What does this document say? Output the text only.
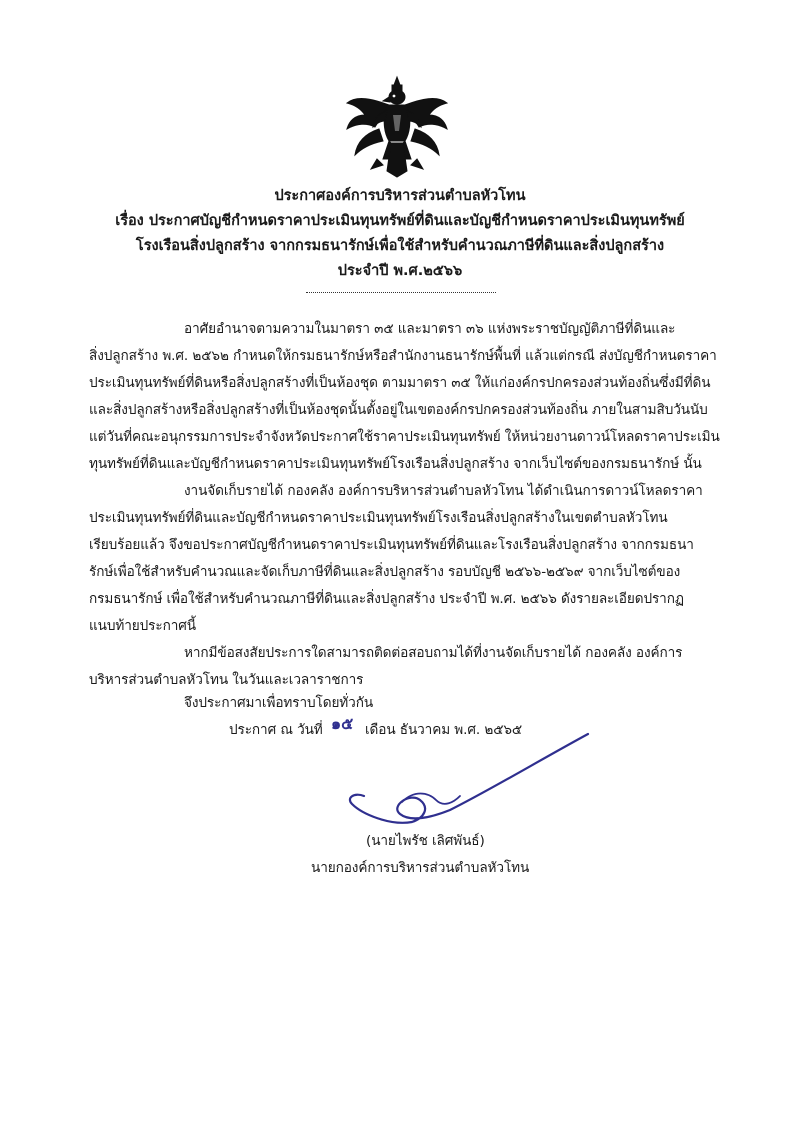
ประกาศองค์การบริหารส่วนตำบลหัวโทน
เรื่อง ประกาศบัญชีกำหนดราคาประเมินทุนทรัพย์ที่ดินและบัญชีกำหนดราคาประเมินทุนทรัพย์
โรงเรือนสิ่งปลูกสร้าง จากกรมธนารักษ์เพื่อใช้สำหรับคำนวณภาษีที่ดินและสิ่งปลูกสร้าง
ประจำปี พ.ศ.๒๕๖๖
อาศัยอำนาจตามความในมาตรา ๓๕ และมาตรา ๓๖ แห่งพระราชบัญญัติภาษีที่ดินและ
สิ่งปลูกสร้าง พ.ศ. ๒๕๖๒ กำหนดให้กรมธนารักษ์หรือสำนักงานธนารักษ์พื้นที่ แล้วแต่กรณี ส่งบัญชีกำหนดราคา
ประเมินทุนทรัพย์ที่ดินหรือสิ่งปลูกสร้างที่เป็นห้องชุด ตามมาตรา ๓๕ ให้แก่องค์กรปกครองส่วนท้องถิ่นซึ่งมีที่ดิน
และสิ่งปลูกสร้างหรือสิ่งปลูกสร้างที่เป็นห้องชุดนั้นตั้งอยู่ในเขตองค์กรปกครองส่วนท้องถิ่น ภายในสามสิบวันนับ
แต่วันที่คณะอนุกรรมการประจำจังหวัดประกาศใช้ราคาประเมินทุนทรัพย์ ให้หน่วยงานดาวน์โหลดราคาประเมิน
ทุนทรัพย์ที่ดินและบัญชีกำหนดราคาประเมินทุนทรัพย์โรงเรือนสิ่งปลูกสร้าง จากเว็บไซต์ของกรมธนารักษ์ นั้น
งานจัดเก็บรายได้ กองคลัง องค์การบริหารส่วนตำบลหัวโทน ได้ดำเนินการดาวน์โหลดราคา
ประเมินทุนทรัพย์ที่ดินและบัญชีกำหนดราคาประเมินทุนทรัพย์โรงเรือนสิ่งปลูกสร้างในเขตตำบลหัวโทน
เรียบร้อยแล้ว จึงขอประกาศบัญชีกำหนดราคาประเมินทุนทรัพย์ที่ดินและโรงเรือนสิ่งปลูกสร้าง จากกรมธนา
รักษ์เพื่อใช้สำหรับคำนวณและจัดเก็บภาษีที่ดินและสิ่งปลูกสร้าง รอบบัญชี ๒๕๖๖-๒๕๖๙ จากเว็บไซต์ของ
กรมธนารักษ์ เพื่อใช้สำหรับคำนวณภาษีที่ดินและสิ่งปลูกสร้าง ประจำปี พ.ศ. ๒๕๖๖ ดังรายละเอียดปรากฏ
แนบท้ายประกาศนี้
หากมีข้อสงสัยประการใดสามารถติดต่อสอบถามได้ที่งานจัดเก็บรายได้ กองคลัง องค์การ
บริหารส่วนตำบลหัวโทน ในวันและเวลาราชการ
จึงประกาศมาเพื่อทราบโดยทั่วกัน
ประกาศ ณ วันที่ ๑๕ เดือน ธันวาคม พ.ศ. ๒๕๖๕
(นายไพรัช เลิศพันธ์)
นายกองค์การบริหารส่วนตำบลหัวโทน
